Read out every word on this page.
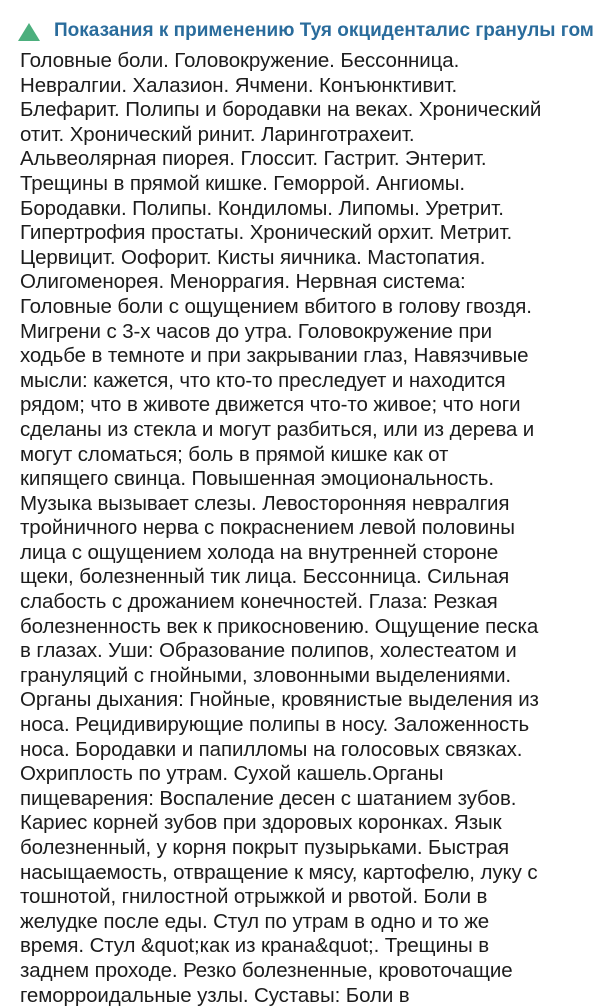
Показания к применению Туя окциденталис гранулы гом
Головные боли. Головокружение. Бессонница.
Невралгии. Халазион. Ячмени. Конъюнктивит.
Блефарит. Полипы и бородавки на веках. Хронический
отит. Хронический ринит. Ларинготрахеит.
Альвеолярная пиорея. Глоссит. Гастрит. Энтерит.
Трещины в прямой кишке. Геморрой. Ангиомы.
Бородавки. Полипы. Кондиломы. Липомы. Уретрит.
Гипертрофия простаты. Хронический орхит. Метрит.
Цервицит. Оофорит. Кисты яичника. Мастопатия.
Олигоменорея. Меноррагия. Нервная система:
Головные боли с ощущением вбитого в голову гвоздя.
Мигрени с 3-х часов до утра. Головокружение при
ходьбе в темноте и при закрывании глаз, Навязчивые
мысли: кажется, что кто-то преследует и находится
рядом; что в животе движется что-то живое; что ноги
сделаны из стекла и могут разбиться, или из дерева и
могут сломаться; боль в прямой кишке как от
кипящего свинца. Повышенная эмоциональность.
Музыка вызывает слезы. Левосторонняя невралгия
тройничного нерва с покраснением левой половины
лица с ощущением холода на внутренней стороне
щеки, болезненный тик лица. Бессонница. Сильная
слабость с дрожанием конечностей. Глаза: Резкая
болезненность век к прикосновению. Ощущение песка
в глазах. Уши: Образование полипов, холестеатом и
грануляций с гнойными, зловонными выделениями.
Органы дыхания: Гнойные, кровянистые выделения из
носа. Рецидивирующие полипы в носу. Заложенность
носа. Бородавки и папилломы на голосовых связках.
Охриплость по утрам. Сухой кашель.Органы
пищеварения: Воспаление десен с шатанием зубов.
Кариес корней зубов при здоровых коронках. Язык
болезненный, у корня покрыт пузырьками. Быстрая
насыщаемость, отвращение к мясу, картофелю, луку с
тошнотой, гнилостной отрыжкой и рвотой. Боли в
желудке после еды. Стул по утрам в одно и то же
время. Стул &quot;как из крана&quot;. Трещины в
заднем проходе. Резко болезненные, кровоточащие
геморроидальные узлы. Суставы: Боли в
